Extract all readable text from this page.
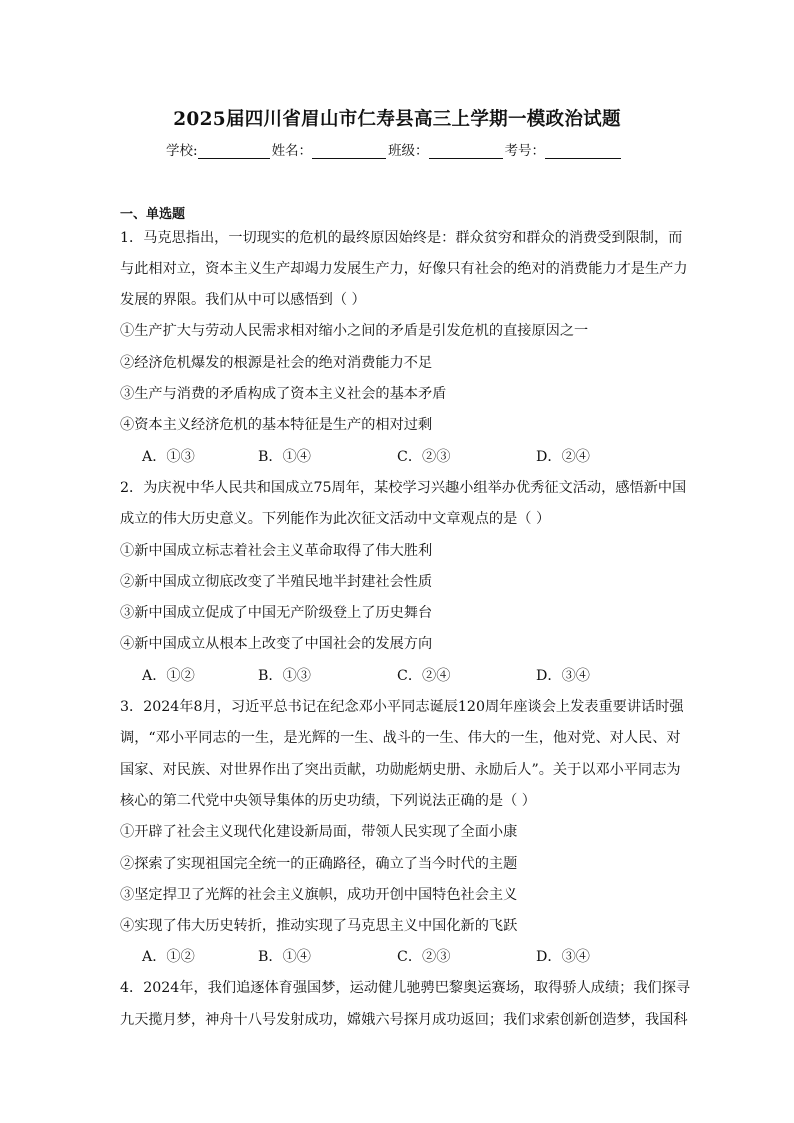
2025届四川省眉山市仁寿县高三上学期一模政治试题
学校:	姓名：	班级：	考号：
一、单选题
1．马克思指出，一切现实的危机的最终原因始终是：群众贫穷和群众的消费受到限制，而
与此相对立，资本主义生产却竭力发展生产力，好像只有社会的绝对的消费能力才是生产力
发展的界限。我们从中可以感悟到（ ）
①生产扩大与劳动人民需求相对缩小之间的矛盾是引发危机的直接原因之一
②经济危机爆发的根源是社会的绝对消费能力不足
③生产与消费的矛盾构成了资本主义社会的基本矛盾
④资本主义经济危机的基本特征是生产的相对过剩
A．①③	B．①④	C．②③	D．②④
2．为庆祝中华人民共和国成立75周年，某校学习兴趣小组举办优秀征文活动，感悟新中国
成立的伟大历史意义。下列能作为此次征文活动中文章观点的是（ ）
①新中国成立标志着社会主义革命取得了伟大胜利
②新中国成立彻底改变了半殖民地半封建社会性质
③新中国成立促成了中国无产阶级登上了历史舞台
④新中国成立从根本上改变了中国社会的发展方向
A．①②	B．①③	C．②④	D．③④
3．2024年8月，习近平总书记在纪念邓小平同志诞辰120周年座谈会上发表重要讲话时强
调，“邓小平同志的一生，是光辉的一生、战斗的一生、伟大的一生，他对党、对人民、对
国家、对民族、对世界作出了突出贡献，功勋彪炳史册、永励后人”。关于以邓小平同志为
核心的第二代党中央领导集体的历史功绩，下列说法正确的是（ ）
①开辟了社会主义现代化建设新局面，带领人民实现了全面小康
②探索了实现祖国完全统一的正确路径，确立了当今时代的主题
③坚定捍卫了光辉的社会主义旗帜，成功开创中国特色社会主义
④实现了伟大历史转折，推动实现了马克思主义中国化新的飞跃
A．①②	B．①④	C．②③	D．③④
4．2024年，我们追逐体育强国梦，运动健儿驰骋巴黎奥运赛场，取得骄人成绩；我们探寻
九天揽月梦，神舟十八号发射成功，嫦娥六号探月成功返回；我们求索创新创造梦，我国科
